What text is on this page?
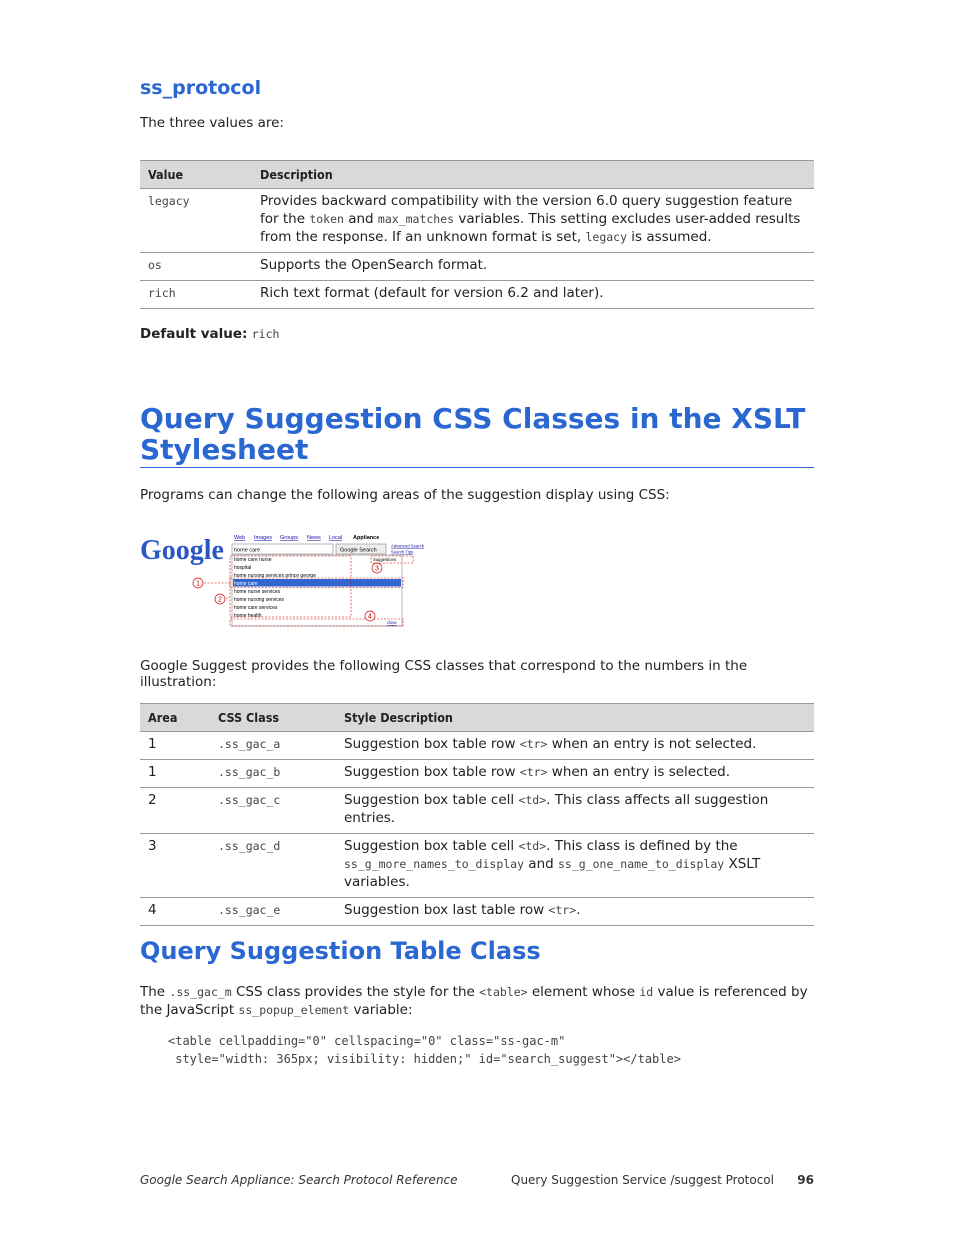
ss_protocol

The three values are:

Value	Description
legacy	Provides backward compatibility with the version 6.0 query suggestion feature for the token and max_matches variables. This setting excludes user-added results from the response. If an unknown format is set, legacy is assumed.
os	Supports the OpenSearch format.
rich	Rich text format (default for version 6.2 and later).

Default value: rich

Query Suggestion CSS Classes in the XSLT Stylesheet

Programs can change the following areas of the suggestion display using CSS:

Google Web Images Groups News Local Appliance
home care	Google Search
Advanced Search
Search Tips
home care nurse
hospital
home nursing services prince george
home care
home nurse services
home nursing services
home care services
home health
Suggestions
close
1
2
3
4

Google Suggest provides the following CSS classes that correspond to the numbers in the illustration:

Area	CSS Class	Style Description
1	.ss_gac_a	Suggestion box table row <tr> when an entry is not selected.
1	.ss_gac_b	Suggestion box table row <tr> when an entry is selected.
2	.ss_gac_c	Suggestion box table cell <td>. This class affects all suggestion entries.
3	.ss_gac_d	Suggestion box table cell <td>. This class is defined by the ss_g_more_names_to_display and ss_g_one_name_to_display XSLT variables.
4	.ss_gac_e	Suggestion box last table row <tr>.
Query Suggestion Table Class

The .ss_gac_m CSS class provides the style for the <table> element whose id value is referenced by the JavaScript ss_popup_element variable:

<table cellpadding="0" cellspacing="0" class="ss-gac-m"
style="width: 365px; visibility: hidden;" id="search_suggest"></table>
Google Search Appliance: Search Protocol Reference	Query Suggestion Service /suggest Protocol 96
